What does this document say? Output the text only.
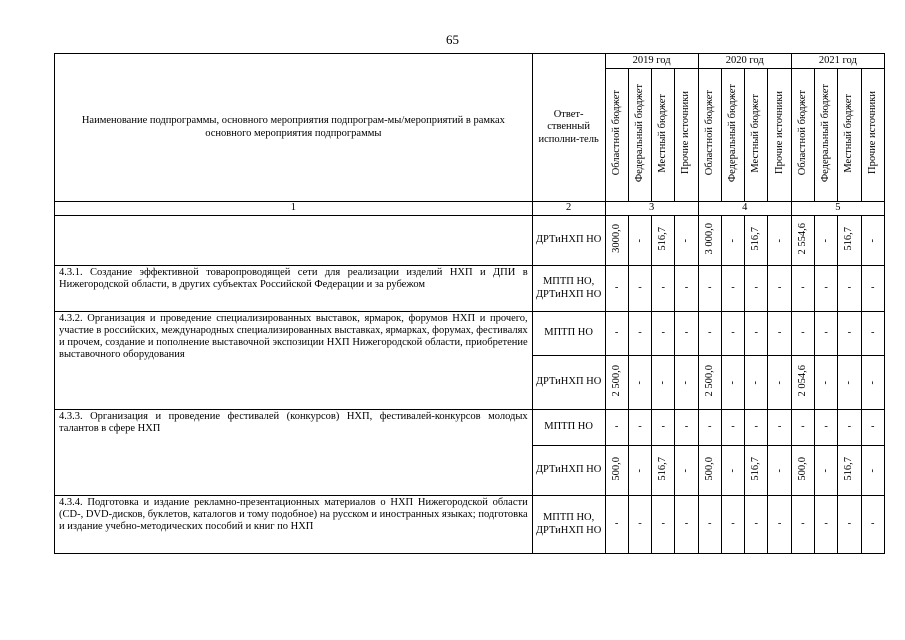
65
Наименование подпрограммы, основного мероприятия подпрограм-мы/мероприятий в рамках основного мероприятия подпрограммы	Ответ-ственный исполни-тель	2019 год				2020 год				2021 год			
		Областной бюджет	Федеральный бюджет	Местный бюджет	Прочие источники	Областной бюджет	Федеральный бюджет	Местный бюджет	Прочие источники	Областной бюджет	Федеральный бюджет	Местный бюджет	Прочие источники
1	2	3				4				5			
	ДРТиНХП НО	3000,0	-	516,7	-	3 000,0	-	516,7	-	2 554,6	-	516,7	-
4.3.1. Создание эффективной товаропроводящей сети для реализации изделий НХП и ДПИ в Нижегородской области, в других субъектах Российской Федерации и за рубежом	МПТП НО, ДРТиНХП НО	-	-	-	-	-	-	-	-	-	-	-	-
4.3.2. Организация и проведение специализированных выставок, ярмарок, форумов НХП и прочего, участие в российских, международных специализированных выставках, ярмарках, форумах, фестивалях и прочем, создание и пополнение выставочной экспозиции НХП Нижегородской области, приобретение выставочного оборудования	МПТП НО	-	-	-	-	-	-	-	-	-	-	-	-
	ДРТиНХП НО	2 500,0	-	-	-	2 500,0	-	-	-	2 054,6	-	-	-
4.3.3. Организация и проведение фестивалей (конкурсов) НХП, фестивалей-конкурсов молодых талантов в сфере НХП	МПТП НО	-	-	-	-	-	-	-	-	-	-	-	-
	ДРТиНХП НО	500,0	-	516,7	-	500,0	-	516,7	-	500,0	-	516,7	-
4.3.4. Подготовка и издание рекламно-презентационных материалов о НХП Нижегородской области (CD-, DVD-дисков, буклетов, каталогов и тому подобное) на русском и иностранных языках; подготовка и издание учебно-методических пособий и книг по НХП	МПТП НО, ДРТиНХП НО	-	-	-	-	-	-	-	-	-	-	-	-
